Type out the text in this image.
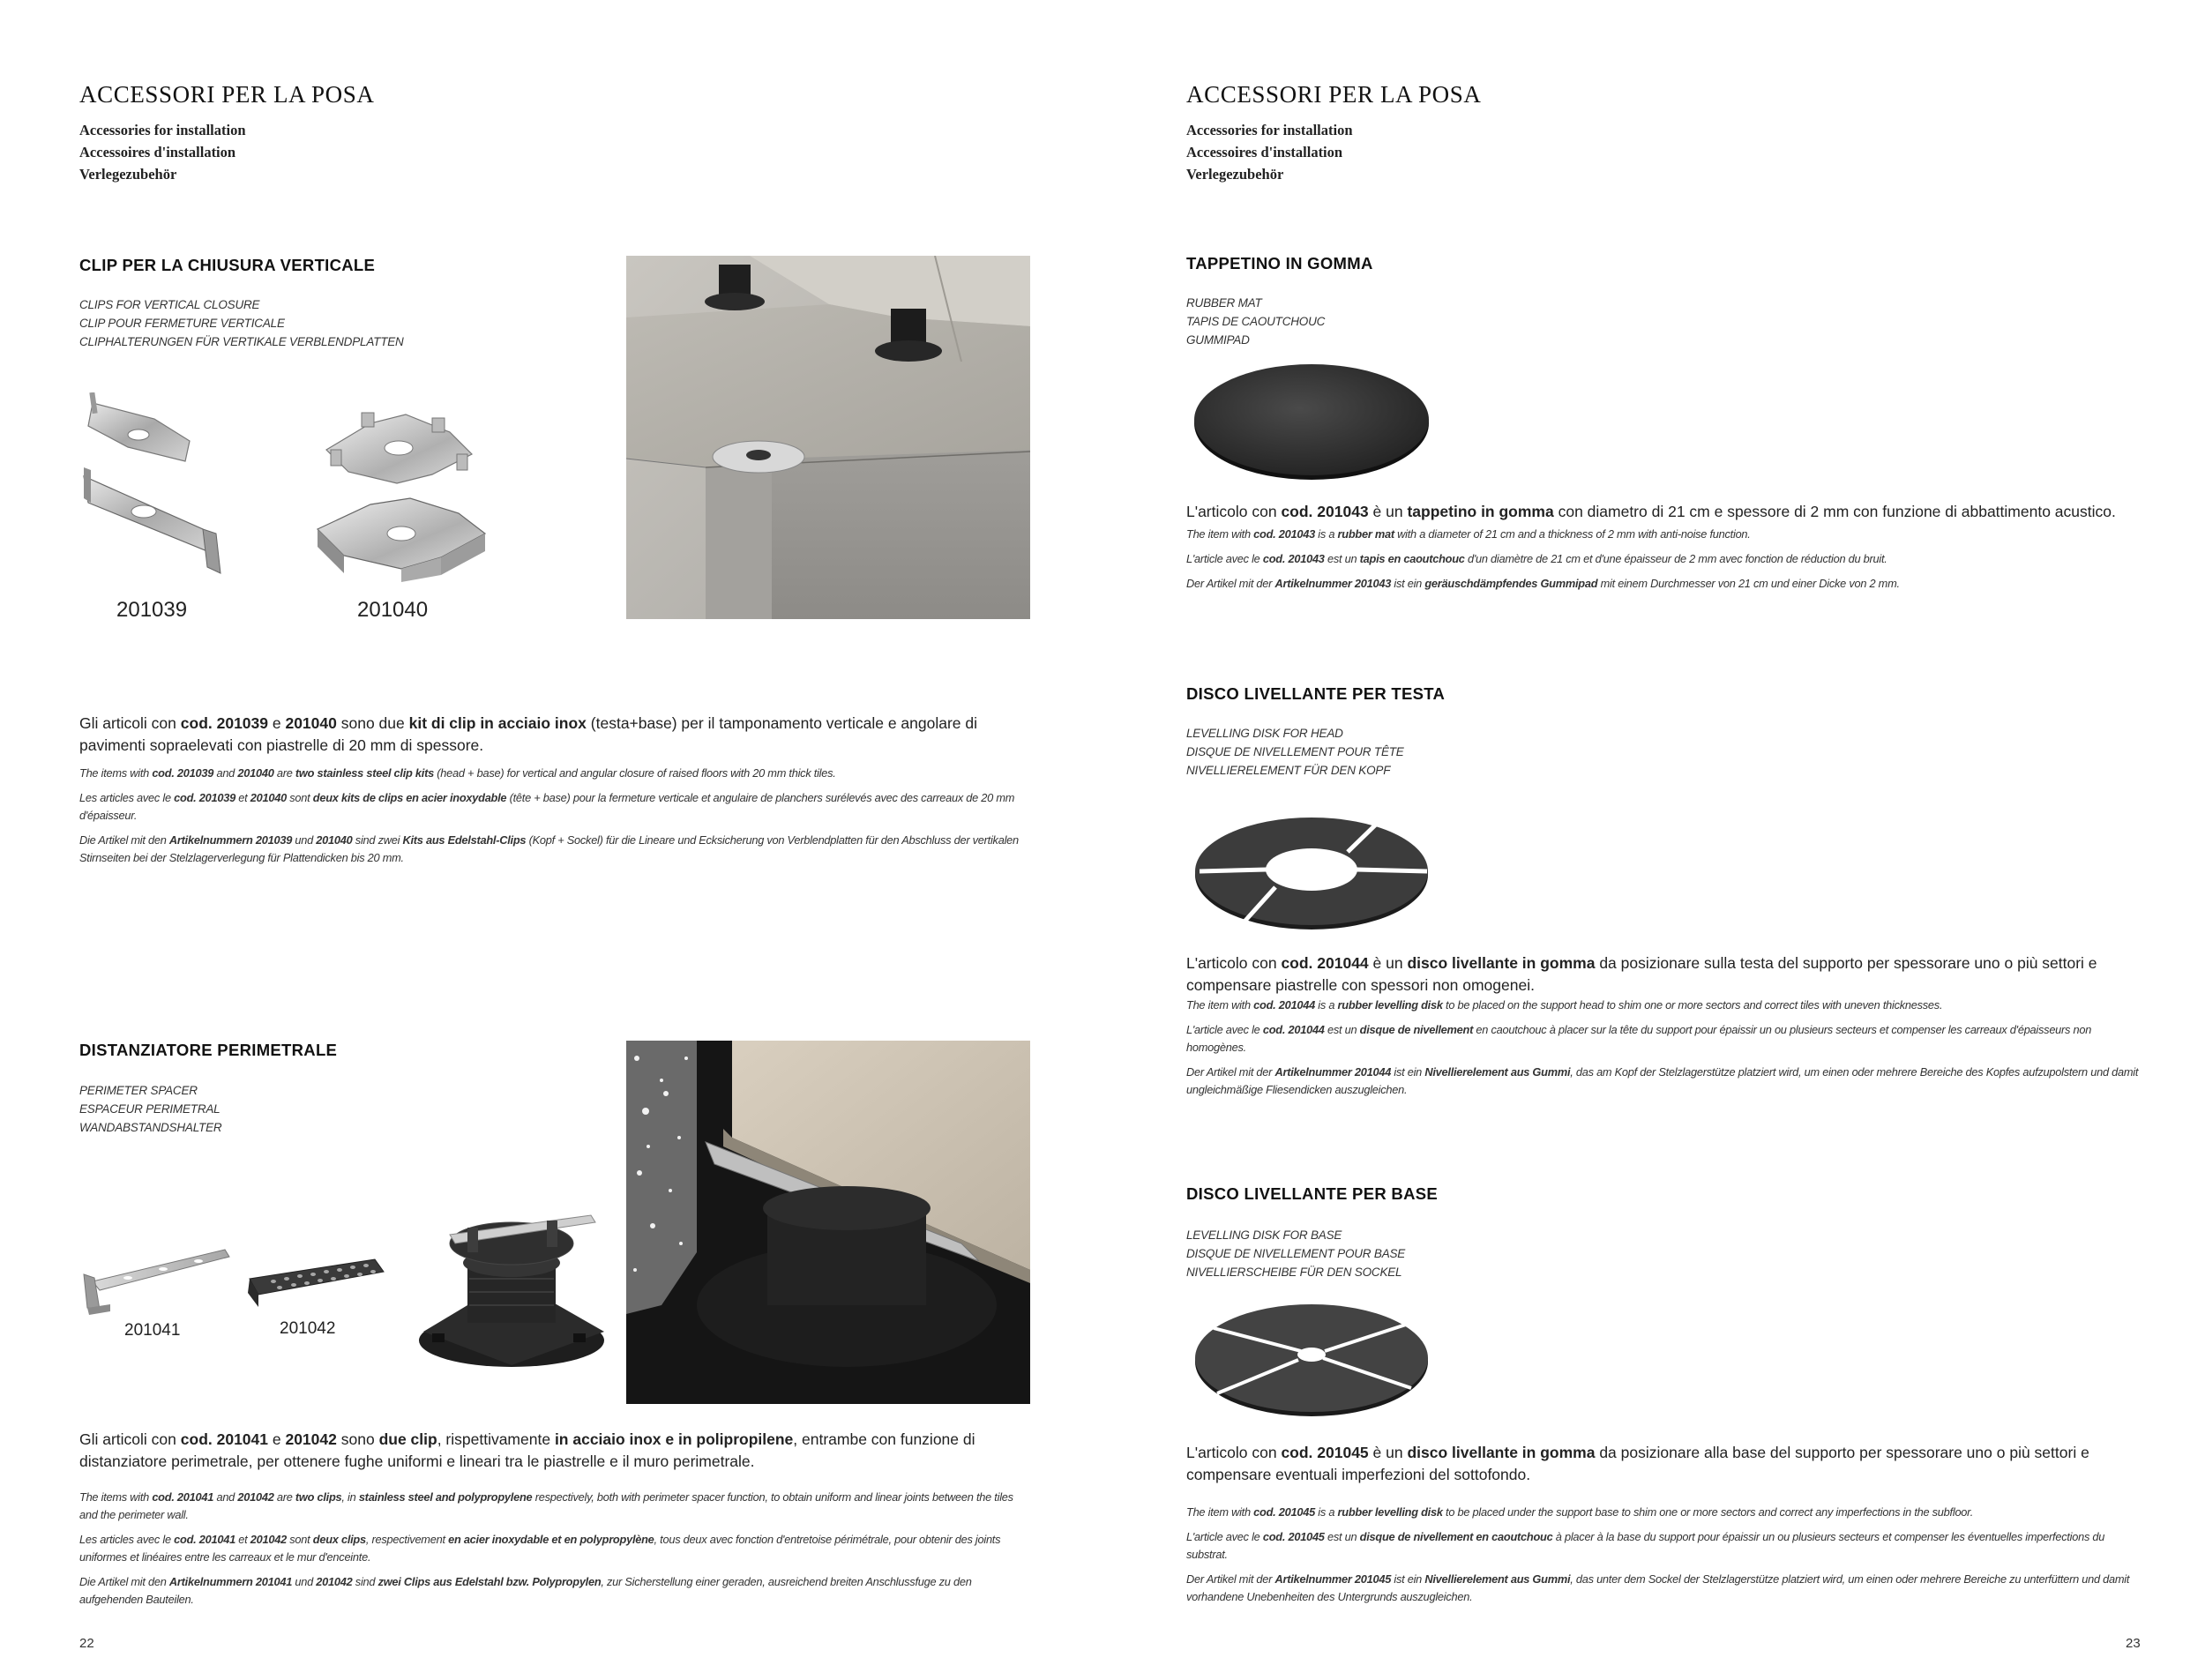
ACCESSORI PER LA POSA
Accessories for installation
Accessoires d'installation
Verlegezubehör
CLIP PER LA CHIUSURA VERTICALE
CLIPS FOR VERTICAL CLOSURE
CLIP POUR FERMETURE VERTICALE
CLIPHALTERUNGEN FÜR VERTIKALE VERBLENDPLATTEN
201039	201040

Gli articoli con cod. 201039 e 201040 sono due kit di clip in acciaio inox (testa+base) per il tamponamento verticale e angolare di pavimenti sopraelevati con piastrelle di 20 mm di spessore.

The items with cod. 201039 and 201040 are two stainless steel clip kits (head + base) for vertical and angular closure of raised floors with 20 mm thick tiles.

Les articles avec le cod. 201039 et 201040 sont deux kits de clips en acier inoxydable (tête + base) pour la fermeture verticale et angulaire de planchers surélevés avec des carreaux de 20 mm d'épaisseur.

Die Artikel mit den Artikelnummern 201039 und 201040 sind zwei Kits aus Edelstahl-Clips (Kopf + Sockel) für die Lineare und Ecksicherung von Verblendplatten für den Abschluss der vertikalen Stirnseiten bei der Stelzlagerverlegung für Plattendicken bis 20 mm.

DISTANZIATORE PERIMETRALE
PERIMETER SPACER
ESPACEUR PERIMETRAL
WANDABSTANDSHALTER
201041	201042

Gli articoli con cod. 201041 e 201042 sono due clip, rispettivamente in acciaio inox e in polipropilene, entrambe con funzione di distanziatore perimetrale, per ottenere fughe uniformi e lineari tra le piastrelle e il muro perimetrale.

The items with cod. 201041 and 201042 are two clips, in stainless steel and polypropylene respectively, both with perimeter spacer function, to obtain uniform and linear joints between the tiles and the perimeter wall.

Les articles avec le cod. 201041 et 201042 sont deux clips, respectivement en acier inoxydable et en polypropylène, tous deux avec fonction d'entretoise périmétrale, pour obtenir des joints uniformes et linéaires entre les carreaux et le mur d'enceinte.

Die Artikel mit den Artikelnummern 201041 und 201042 sind zwei Clips aus Edelstahl bzw. Polypropylen, zur Sicherstellung einer geraden, ausreichend breiten Anschlussfuge zu den aufgehenden Bauteilen.

22
ACCESSORI PER LA POSA
Accessories for installation
Accessoires d'installation
Verlegezubehör
TAPPETINO IN GOMMA
RUBBER MAT
TAPIS DE CAOUTCHOUC
GUMMIPAD

L'articolo con cod. 201043 è un tappetino in gomma con diametro di 21 cm e spessore di 2 mm con funzione di abbattimento acustico.

The item with cod. 201043 is a rubber mat with a diameter of 21 cm and a thickness of 2 mm with anti-noise function.

L'article avec le cod. 201043 est un tapis en caoutchouc d'un diamètre de 21 cm et d'une épaisseur de 2 mm avec fonction de réduction du bruit.

Der Artikel mit der Artikelnummer 201043 ist ein geräuschdämpfendes Gummipad mit einem Durchmesser von 21 cm und einer Dicke von 2 mm.

DISCO LIVELLANTE PER TESTA
LEVELLING DISK FOR HEAD
DISQUE DE NIVELLEMENT POUR TÊTE
NIVELLIERELEMENT FÜR DEN KOPF

L'articolo con cod. 201044 è un disco livellante in gomma da posizionare sulla testa del supporto per spessorare uno o più settori e compensare piastrelle con spessori non omogenei.

The item with cod. 201044 is a rubber levelling disk to be placed on the support head to shim one or more sectors and correct tiles with uneven thicknesses.

L'article avec le cod. 201044 est un disque de nivellement en caoutchouc à placer sur la tête du support pour épaissir un ou plusieurs secteurs et compenser les carreaux d'épaisseurs non homogènes.

Der Artikel mit der Artikelnummer 201044 ist ein Nivellierelement aus Gummi, das am Kopf der Stelzlagerstütze platziert wird, um einen oder mehrere Bereiche des Kopfes aufzupolstern und damit ungleichmäßige Fliesendicken auszugleichen.

DISCO LIVELLANTE PER BASE
LEVELLING DISK FOR BASE
DISQUE DE NIVELLEMENT POUR BASE
NIVELLIERSCHEIBE FÜR DEN SOCKEL

L'articolo con cod. 201045 è un disco livellante in gomma da posizionare alla base del supporto per spessorare uno o più settori e compensare eventuali imperfezioni del sottofondo.

The item with cod. 201045 is a rubber levelling disk to be placed under the support base to shim one or more sectors and correct any imperfections in the subfloor.

L'article avec le cod. 201045 est un disque de nivellement en caoutchouc à placer à la base du support pour épaissir un ou plusieurs secteurs et compenser les éventuelles imperfections du substrat.

Der Artikel mit der Artikelnummer 201045 ist ein Nivellierelement aus Gummi, das unter dem Sockel der Stelzlagerstütze platziert wird, um einen oder mehrere Bereiche zu unterfüttern und damit vorhandene Unebenheiten des Untergrunds auszugleichen.

23
